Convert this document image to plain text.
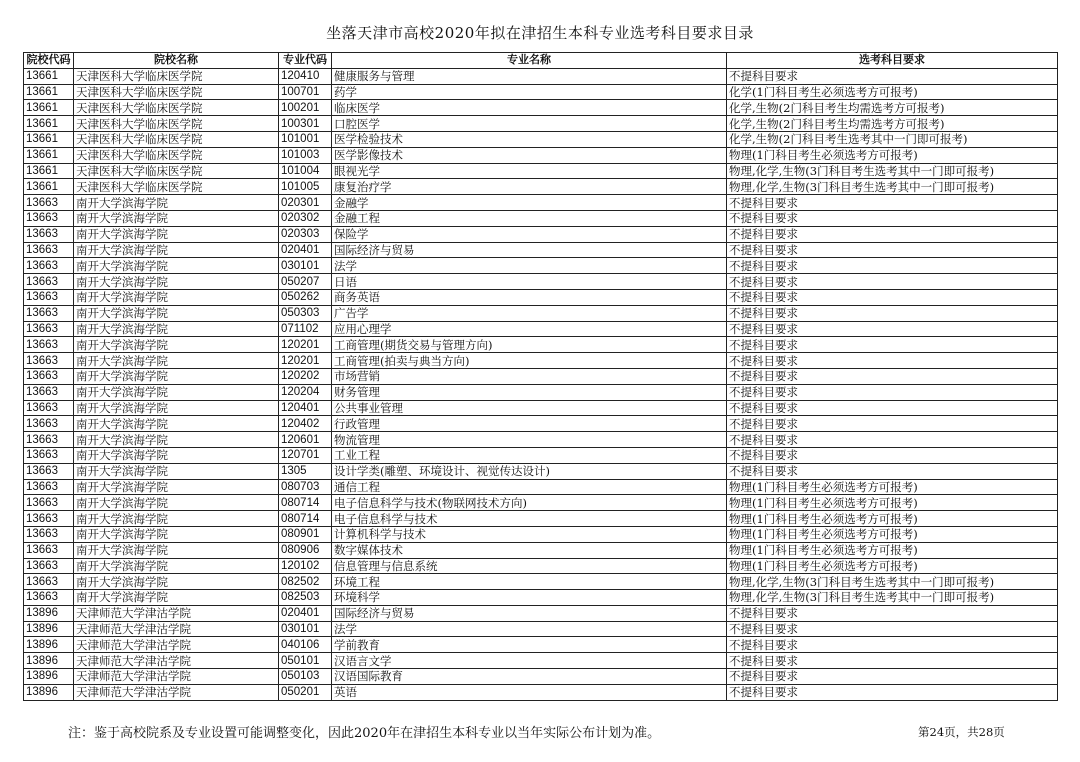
坐落天津市高校2020年拟在津招生本科专业选考科目要求目录
院校代码	院校名称	专业代码	专业名称	选考科目要求
13661	天津医科大学临床医学院	120410	健康服务与管理	不提科目要求
13661	天津医科大学临床医学院	100701	药学	化学(1门科目考生必须选考方可报考)
13661	天津医科大学临床医学院	100201	临床医学	化学,生物(2门科目考生均需选考方可报考)
13661	天津医科大学临床医学院	100301	口腔医学	化学,生物(2门科目考生均需选考方可报考)
13661	天津医科大学临床医学院	101001	医学检验技术	化学,生物(2门科目考生选考其中一门即可报考)
13661	天津医科大学临床医学院	101003	医学影像技术	物理(1门科目考生必须选考方可报考)
13661	天津医科大学临床医学院	101004	眼视光学	物理,化学,生物(3门科目考生选考其中一门即可报考)
13661	天津医科大学临床医学院	101005	康复治疗学	物理,化学,生物(3门科目考生选考其中一门即可报考)
13663	南开大学滨海学院	020301	金融学	不提科目要求
13663	南开大学滨海学院	020302	金融工程	不提科目要求
13663	南开大学滨海学院	020303	保险学	不提科目要求
13663	南开大学滨海学院	020401	国际经济与贸易	不提科目要求
13663	南开大学滨海学院	030101	法学	不提科目要求
13663	南开大学滨海学院	050207	日语	不提科目要求
13663	南开大学滨海学院	050262	商务英语	不提科目要求
13663	南开大学滨海学院	050303	广告学	不提科目要求
13663	南开大学滨海学院	071102	应用心理学	不提科目要求
13663	南开大学滨海学院	120201	工商管理(期货交易与管理方向)	不提科目要求
13663	南开大学滨海学院	120201	工商管理(拍卖与典当方向)	不提科目要求
13663	南开大学滨海学院	120202	市场营销	不提科目要求
13663	南开大学滨海学院	120204	财务管理	不提科目要求
13663	南开大学滨海学院	120401	公共事业管理	不提科目要求
13663	南开大学滨海学院	120402	行政管理	不提科目要求
13663	南开大学滨海学院	120601	物流管理	不提科目要求
13663	南开大学滨海学院	120701	工业工程	不提科目要求
13663	南开大学滨海学院	1305	设计学类(雕塑、环境设计、视觉传达设计)	不提科目要求
13663	南开大学滨海学院	080703	通信工程	物理(1门科目考生必须选考方可报考)
13663	南开大学滨海学院	080714	电子信息科学与技术(物联网技术方向)	物理(1门科目考生必须选考方可报考)
13663	南开大学滨海学院	080714	电子信息科学与技术	物理(1门科目考生必须选考方可报考)
13663	南开大学滨海学院	080901	计算机科学与技术	物理(1门科目考生必须选考方可报考)
13663	南开大学滨海学院	080906	数字媒体技术	物理(1门科目考生必须选考方可报考)
13663	南开大学滨海学院	120102	信息管理与信息系统	物理(1门科目考生必须选考方可报考)
13663	南开大学滨海学院	082502	环境工程	物理,化学,生物(3门科目考生选考其中一门即可报考)
13663	南开大学滨海学院	082503	环境科学	物理,化学,生物(3门科目考生选考其中一门即可报考)
13896	天津师范大学津沽学院	020401	国际经济与贸易	不提科目要求
13896	天津师范大学津沽学院	030101	法学	不提科目要求
13896	天津师范大学津沽学院	040106	学前教育	不提科目要求
13896	天津师范大学津沽学院	050101	汉语言文学	不提科目要求
13896	天津师范大学津沽学院	050103	汉语国际教育	不提科目要求
13896	天津师范大学津沽学院	050201	英语	不提科目要求
注：鉴于高校院系及专业设置可能调整变化，因此2020年在津招生本科专业以当年实际公布计划为准。	第24页，共28页
